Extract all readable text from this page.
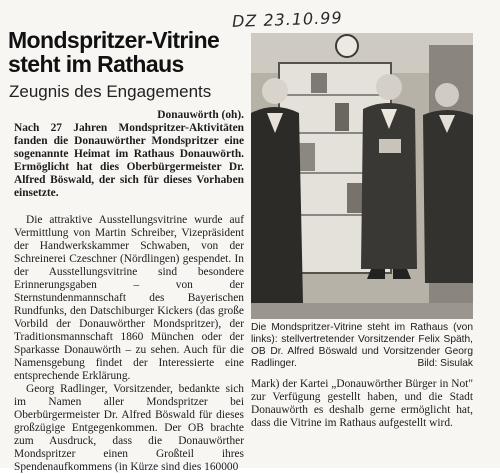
DZ 23.10.99
Mondspritzer-Vitrine steht im Rathaus
Zeugnis des Engagements
Donauwörth (oh).
Nach 27 Jahren Mondspritzer-Aktivitäten fanden die Donauwörther Mondspritzer eine sogenannte Heimat im Rathaus Donauwörth. Ermöglicht hat dies Oberbürgermeister Dr. Alfred Böswald, der sich für dieses Vorhaben einsetzte.

Die attraktive Ausstellungsvitrine wurde auf Vermittlung von Martin Schreiber, Vizepräsident der Handwerkskammer Schwaben, von der Schreinerei Czeschner (Nördlingen) gespendet. In der Ausstellungsvitrine sind besondere Erinnerungsgaben – von der Sternstundenmannschaft des Bayerischen Rundfunks, den Datschiburger Kickers (das große Vorbild der Donauwörther Mondspritzer), der Traditionsmannschaft 1860 München oder der Sparkasse Donauwörth – zu sehen. Auch für die Namensgebung findet der Interessierte eine entsprechende Erklärung.

Georg Radlinger, Vorsitzender, bedankte sich im Namen aller Mondspritzer bei Oberbürgermeister Dr. Alfred Böswald für dieses großzügige Entgegenkommen. Der OB brachte zum Ausdruck, dass die Donauwörther Mondspritzer einen Großteil ihres Spendenaufkommens (in Kürze sind dies 160000

Die Mondspritzer-Vitrine steht im Rathaus (von links): stellvertretender Vorsitzender Felix Späth, OB Dr. Alfred Böswald und Vorsitzender Georg Radlinger.	Bild: Sisulak
Mark) der Kartei „Donauwörther Bürger in Not" zur Verfügung gestellt haben, und die Stadt Donauwörth es deshalb gerne ermöglicht hat, dass die Vitrine im Rathaus aufgestellt wird.
